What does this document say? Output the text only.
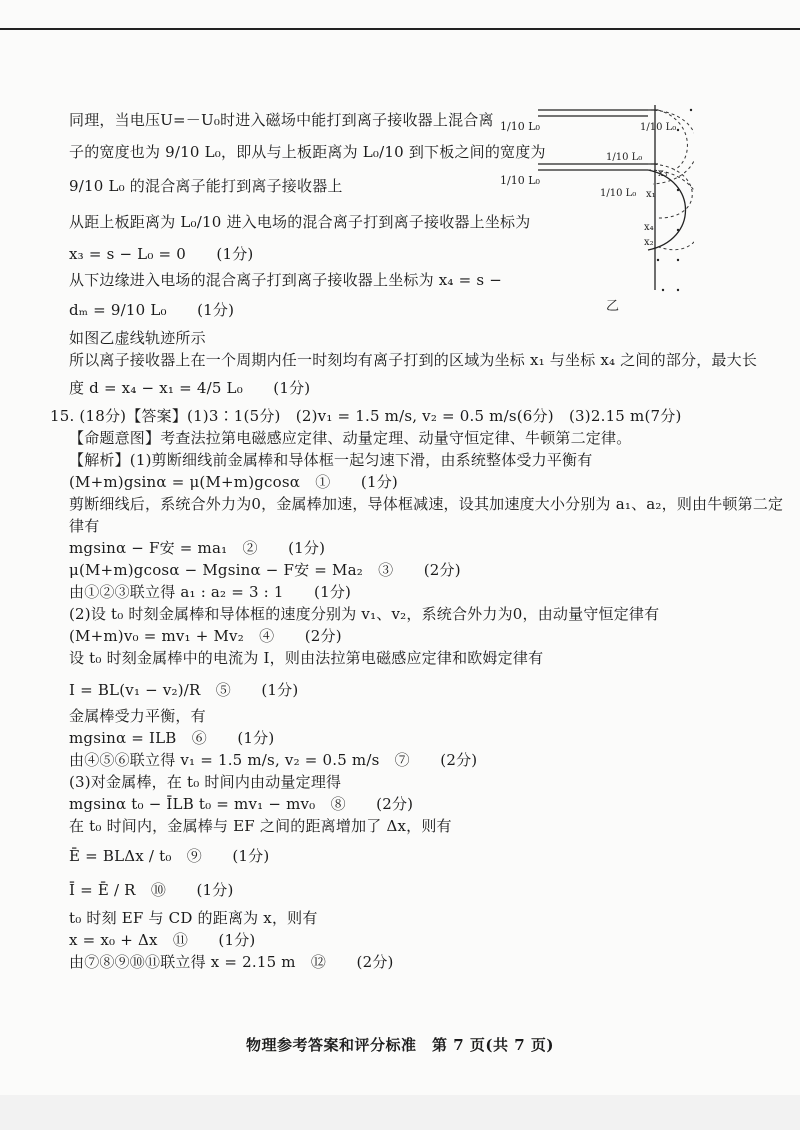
同理，当电压U=－U₀时进入磁场中能打到离子接收器上混合离
子的宽度也为 9/10 L₀，即从与上板距离为 L₀/10 到下板之间的宽度为
9/10 L₀ 的混合离子能打到离子接收器上
从距上板距离为 L₀/10 进入电场的混合离子打到离子接收器上坐标为
x₃ = s − L₀ = 0　　(1分)
从下边缘进入电场的混合离子打到离子接收器上坐标为 x₄ = s −
dₘ = 9/10 L₀　　(1分)
如图乙虚线轨迹所示
所以离子接收器上在一个周期内任一时刻均有离子打到的区域为坐标 x₁ 与坐标 x₄ 之间的部分，最大长
度 d = x₄ − x₁ = 4/5 L₀　　(1分)
1/10 L₀	1/10 L₀
1/10 L₀
1/10 L₀
1/10 L₀ x₁
x₃
x₄
x₂
乙
15. (18分)【答案】(1)3∶1(5分)　(2)v₁ = 1.5 m/s, v₂ = 0.5 m/s(6分)　(3)2.15 m(7分)
【命题意图】考查法拉第电磁感应定律、动量定理、动量守恒定律、牛顿第二定律。
【解析】(1)剪断细线前金属棒和导体框一起匀速下滑，由系统整体受力平衡有
(M+m)gsinα = μ(M+m)gcosα　①　　(1分)
剪断细线后，系统合外力为0，金属棒加速，导体框减速，设其加速度大小分别为 a₁、a₂，则由牛顿第二定
律有
mgsinα − F安 = ma₁　②　　(1分)
μ(M+m)gcosα − Mgsinα − F安 = Ma₂　③　　(2分)
由①②③联立得 a₁ : a₂ = 3 : 1　　(1分)
(2)设 t₀ 时刻金属棒和导体框的速度分别为 v₁、v₂，系统合外力为0，由动量守恒定律有
(M+m)v₀ = mv₁ + Mv₂　④　　(2分)
设 t₀ 时刻金属棒中的电流为 I，则由法拉第电磁感应定律和欧姆定律有
I = BL(v₁ − v₂)/R　⑤　　(1分)
金属棒受力平衡，有
mgsinα = ILB　⑥　　(1分)
由④⑤⑥联立得 v₁ = 1.5 m/s, v₂ = 0.5 m/s　⑦　　(2分)
(3)对金属棒，在 t₀ 时间内由动量定理得
mgsinα t₀ − ĪLB t₀ = mv₁ − mv₀　⑧　　(2分)
在 t₀ 时间内，金属棒与 EF 之间的距离增加了 Δx，则有
Ē = BLΔx / t₀　⑨　　(1分)
Ī = Ē / R　⑩　　(1分)
t₀ 时刻 EF 与 CD 的距离为 x，则有
x = x₀ + Δx　⑪　　(1分)
由⑦⑧⑨⑩⑪联立得 x = 2.15 m　⑫　　(2分)
物理参考答案和评分标准　第 7 页(共 7 页)
